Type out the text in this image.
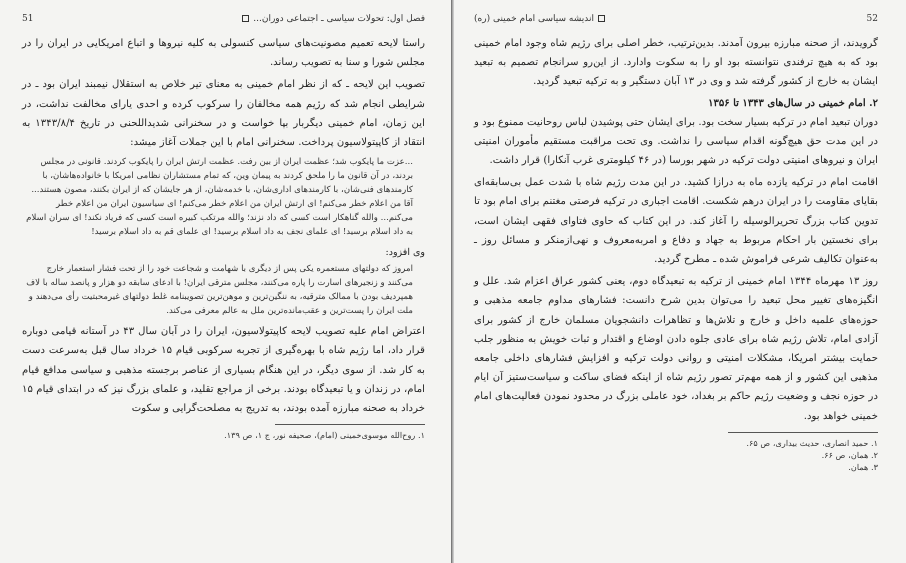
فصل اول: تحولات سیاسی ـ اجتماعی دوران...
51

راستا لایحه تعمیم مصونیت‌های سیاسی کنسولی به کلیه نیروها و اتباع امریکایی در ایران را در مجلس شورا و سنا به تصویب رساند.

تصویب این لایحه ـ که از نظر امام خمینی به معنای تیر خلاص به استقلال نیمبند ایران بود ـ در شرایطی انجام شد که رژیم همه مخالفان را سرکوب کرده و احدی یارای مخالفت نداشت، در این زمان، امام خمینی دیگربار بپا خواست و در سخنرانی شدیداللحنی در تاریخ ۱۳۴۳/۸/۴ به انتقاد از کاپیتولاسیون پرداخت. سخنرانی امام با این جملات آغاز میشد:

...عزت ما پایکوب شد؛ عظمت ایران از بین رفت. عظمت ارتش ایران را پایکوب کردند. قانونی در مجلس بردند، در آن قانون ما را ملحق کردند به پیمان وین، که تمام مستشاران نظامی امریکا با خانواده‌هاشان، با کارمندهای فنی‌شان، با کارمندهای اداری‌شان، با خدمه‌شان، از هر جایشان که از ایران بکنند، مصون هستند... آقا من اعلام خطر می‌کنم! ای ارتش ایران من اعلام خطر می‌کنم! ای سیاسیون ایران من اعلام خطر می‌کنم... والله گناهکار است کسی که داد نزند؛ والله مرتکب کبیره است کسی که فریاد نکند! ای سران اسلام به داد اسلام برسید! ای علمای نجف به داد اسلام برسید! ای علمای قم به داد اسلام برسید!
وی افزود:
امروز که دولتهای مستعمره یکی پس از دیگری با شهامت و شجاعت خود را از تحت فشار استعمار خارج می‌کنند و زنجیرهای اسارت را پاره می‌کنند، مجلس مترقی ایران! با ادعای سابقه دو هزار و پانصد ساله با لاف همپردیف بودن با ممالک مترقیه، به ننگین‌ترین و موهن‌ترین تصویبنامه غلط دولتهای غیرمحبتیت رأی می‌دهند و ملت ایران را پست‌ترین و عقب‌مانده‌ترین ملل به عالم معرفی می‌کند.

اعتراض امام علیه تصویب لایحه کاپیتولاسیون، ایران را در آبان سال ۴۳ در آستانه قیامی دوباره قرار داد، اما رژیم شاه با بهره‌گیری از تجربه سرکوبی قیام ۱۵ خرداد سال قبل به‌سرعت دست به کار شد. از سوی دیگر، در این هنگام بسیاری از عناصر برجسته مذهبی و سیاسی مدافع قیام امام، در زندان و یا تبعیدگاه بودند. برخی از مراجع تقلید، و علمای بزرگ نیز که در ابتدای قیام ۱۵ خرداد به صحنه مبارزه آمده بودند، به تدریج به مصلحت‌گرایی و سکوت

۱. روح‌الله موسوی‌خمینی (امام)، صحیفه نور، ج ۱، ص ۱۳۹.

52
اندیشه سیاسی امام خمینی (ره)

گرویدند، از صحنه مبارزه بیرون آمدند. بدین‌ترتیب، خطر اصلی برای رژیم شاه وجود امام خمینی بود که به هیچ ترفندی نتوانسته بود او را به سکوت وادارد. از این‌رو سرانجام تصمیم به تبعید ایشان به خارج از کشور گرفته شد و وی در ۱۳ آبان دستگیر و به ترکیه تبعید گردید.

۲. امام خمینی در سال‌های ۱۳۴۳ تا ۱۳۵۶

دوران تبعید امام در ترکیه بسیار سخت بود. برای ایشان حتی پوشیدن لباس روحانیت ممنوع بود و در این مدت حق هیچ‌گونه اقدام سیاسی را نداشت. وی تحت مراقبت مستقیم مأموران امنیتی ایران و نیروهای امنیتی دولت ترکیه در شهر بورسا (در ۴۶ کیلومتری غرب آنکارا) قرار داشت.

اقامت امام در ترکیه یازده ماه به درازا کشید. در این مدت رژیم شاه با شدت عمل بی‌سابقه‌ای بقایای مقاومت را در ایران درهم شکست. اقامت اجباری در ترکیه فرصتی مغتنم برای امام بود تا تدوین کتاب بزرگ تحریرالوسیله را آغاز کند. در این کتاب که حاوی فتاوای فقهی ایشان است، برای نخستین بار احکام مربوط به جهاد و دفاع و امربه‌معروف و نهی‌ازمنکر و مسائل روز ـ به‌عنوان تکالیف شرعی فراموش شده ـ مطرح گردید.

روز ۱۳ مهرماه ۱۳۴۴ امام خمینی از ترکیه به تبعیدگاه دوم، یعنی کشور عراق اعزام شد. علل و انگیزه‌های تغییر محل تبعید را می‌توان بدین شرح دانست: فشارهای مداوم جامعه مذهبی و حوزه‌های علمیه داخل و خارج و تلاش‌ها و تظاهرات دانشجویان مسلمان خارج از کشور برای آزادی امام، تلاش رژیم شاه برای عادی جلوه دادن اوضاع و اقتدار و ثبات خویش به منظور جلب حمایت بیشتر امریکا، مشکلات امنیتی و روانی دولت ترکیه و افزایش فشارهای داخلی جامعه مذهبی این کشور و از همه مهم‌تر تصور رژیم شاه از اینکه فضای ساکت و سیاست‌ستیز آن ایام در حوزه نجف و وضعیت رژیم حاکم بر بغداد، خود عاملی بزرگ در محدود نمودن فعالیت‌های امام خمینی خواهد بود.

۱. حمید انصاری، حدیث بیداری، ص ۶۵.

۲. همان، ص ۶۶.

۳. همان.
